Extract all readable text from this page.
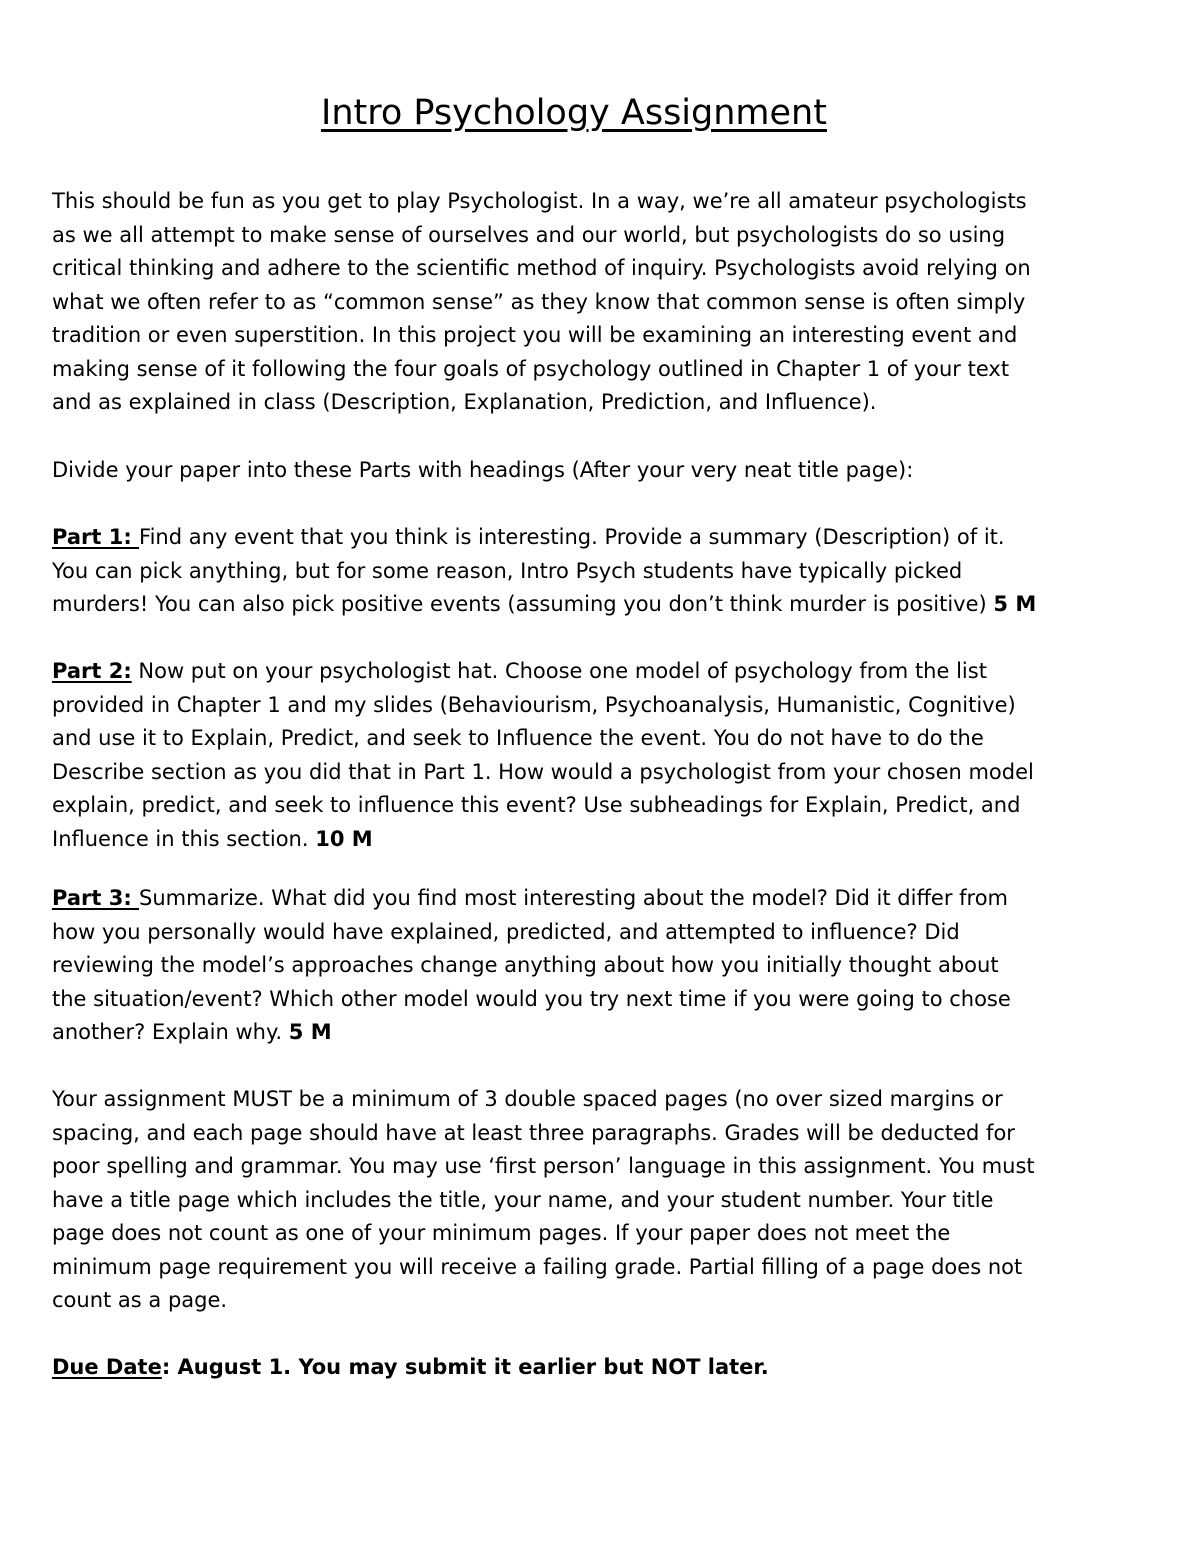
Intro Psychology Assignment
This should be fun as you get to play Psychologist. In a way, we’re all amateur psychologists
as we all attempt to make sense of ourselves and our world, but psychologists do so using
critical thinking and adhere to the scientific method of inquiry. Psychologists avoid relying on
what we often refer to as “common sense” as they know that common sense is often simply
tradition or even superstition. In this project you will be examining an interesting event and
making sense of it following the four goals of psychology outlined in Chapter 1 of your text
and as explained in class (Description, Explanation, Prediction, and Influence).
Divide your paper into these Parts with headings (After your very neat title page):
Part 1: Find any event that you think is interesting. Provide a summary (Description) of it.
You can pick anything, but for some reason, Intro Psych students have typically picked
murders! You can also pick positive events (assuming you don’t think murder is positive) 5 M
Part 2: Now put on your psychologist hat. Choose one model of psychology from the list
provided in Chapter 1 and my slides (Behaviourism, Psychoanalysis, Humanistic, Cognitive)
and use it to Explain, Predict, and seek to Influence the event. You do not have to do the
Describe section as you did that in Part 1. How would a psychologist from your chosen model
explain, predict, and seek to influence this event? Use subheadings for Explain, Predict, and
Influence in this section. 10 M
Part 3: Summarize. What did you find most interesting about the model? Did it differ from
how you personally would have explained, predicted, and attempted to influence? Did
reviewing the model’s approaches change anything about how you initially thought about
the situation/event? Which other model would you try next time if you were going to chose
another? Explain why. 5 M
Your assignment MUST be a minimum of 3 double spaced pages (no over sized margins or
spacing, and each page should have at least three paragraphs. Grades will be deducted for
poor spelling and grammar. You may use ‘first person’ language in this assignment. You must
have a title page which includes the title, your name, and your student number. Your title
page does not count as one of your minimum pages. If your paper does not meet the
minimum page requirement you will receive a failing grade. Partial filling of a page does not
count as a page.
Due Date: August 1. You may submit it earlier but NOT later.
